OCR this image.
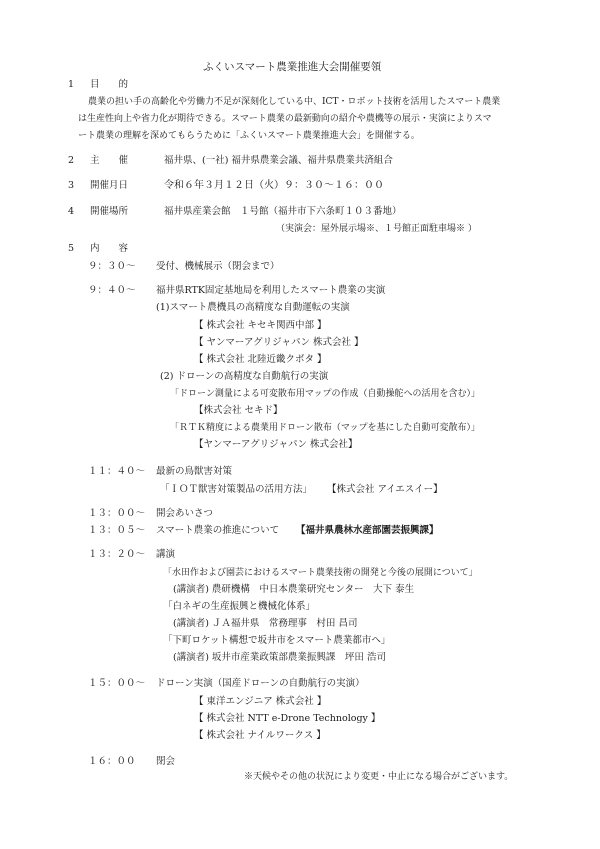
ふくいスマート農業推進大会開催要領
1 目　　的
農業の担い手の高齢化や労働力不足が深刻化している中、ICT・ロボット技術を活用したスマート農業
は生産性向上や省力化が期待できる。スマート農業の最新動向の紹介や農機等の展示・実演によりスマ
ート農業の理解を深めてもらうために「ふくいスマート農業推進大会」を開催する。
2 主　　催	福井県、(一社) 福井県農業会議、福井県農業共済組合
3 開催月日	令和６年３月１２日（火）９：３０〜１６：００
4 開催場所	福井県産業会館　１号館（福井市下六条町１０３番地）
（実演会：屋外展示場※、１号館正面駐車場※ ）
5 内　　容
９：３０〜 受付、機械展示（閉会まで）
９：４０〜 福井県RTK固定基地局を利用したスマート農業の実演
(1)スマート農機具の高精度な自動運転の実演
【 株式会社 キセキ関西中部 】
【 ヤンマーアグリジャパン 株式会社 】
【 株式会社 北陸近畿クボタ 】
(2) ドローンの高精度な自動航行の実演
「ドローン測量による可変散布用マップの作成（自動操舵への活用を含む）」
【株式会社 セキド】
「ＲＴＫ精度による農業用ドローン散布（マップを基にした自動可変散布）」
【ヤンマーアグリジャパン 株式会社】
１１：４０〜 最新の鳥獣害対策
「ＩＯＴ獣害対策製品の活用方法」 【株式会社 アイエスイー】
１３：００〜 開会あいさつ
１３：０５〜 スマート農業の推進について 【福井県農林水産部園芸振興課】
１３：２０〜 講演
「水田作および園芸におけるスマート農業技術の開発と今後の展開について」
(講演者) 農研機構　中日本農業研究センター　大下 泰生
「白ネギの生産振興と機械化体系」
(講演者) ＪＡ福井県　常務理事　村田 昌司
「下町ロケット構想で坂井市をスマート農業都市へ」
(講演者) 坂井市産業政策部農業振興課　坪田 浩司
１５：００〜 ドローン実演（国産ドローンの自動航行の実演）
【 東洋エンジニア 株式会社 】
【 株式会社 NTT e-Drone Technology 】
【 株式会社 ナイルワークス 】
１６：００ 閉会
※天候やその他の状況により変更・中止になる場合がございます。
